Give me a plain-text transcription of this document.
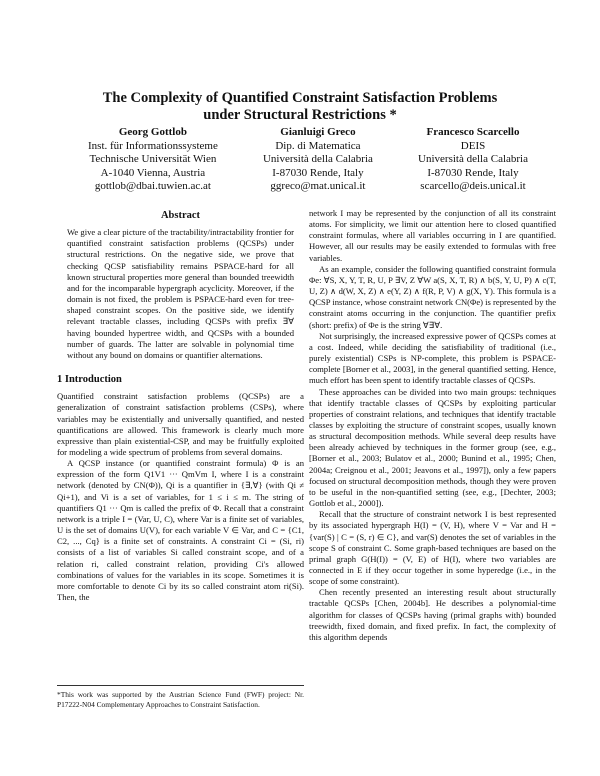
The Complexity of Quantified Constraint Satisfaction Problems
under Structural Restrictions *
Georg Gottlob
Inst. für Informationssysteme
Technische Universität Wien
A-1040 Vienna, Austria
gottlob@dbai.tuwien.ac.at
Gianluigi Greco
Dip. di Matematica
Università della Calabria
I-87030 Rende, Italy
ggreco@mat.unical.it
Francesco Scarcello
DEIS
Università della Calabria
I-87030 Rende, Italy
scarcello@deis.unical.it
Abstract

We give a clear picture of the tractability/intractability frontier for quantified constraint satisfaction problems (QCSPs) under structural restrictions. On the negative side, we prove that checking QCSP satisfiability remains PSPACE-hard for all known structural properties more general than bounded treewidth and for the incomparable hypergraph acyclicity. Moreover, if the domain is not fixed, the problem is PSPACE-hard even for tree-shaped constraint scopes. On the positive side, we identify relevant tractable classes, including QCSPs with prefix ∃∀ having bounded hypertree width, and QCSPs with a bounded number of guards. The latter are solvable in polynomial time without any bound on domains or quantifier alternations.

1 Introduction

Quantified constraint satisfaction problems (QCSPs) are a generalization of constraint satisfaction problems (CSPs), where variables may be existentially and universally quantified, and nested quantifications are allowed. This framework is clearly much more expressive than plain existential-CSP, and may be fruitfully exploited for modeling a wide spectrum of problems from several domains.

A QCSP instance (or quantified constraint formula) Φ is an expression of the form Q1V1 ··· QmVm I, where I is a constraint network (denoted by CN(Φ)), Qi is a quantifier in {∃,∀} (with Qi ≠ Qi+1), and Vi is a set of variables, for 1 ≤ i ≤ m. The string of quantifiers Q1 ··· Qm is called the prefix of Φ. Recall that a constraint network is a triple I = (Var, U, C), where Var is a finite set of variables, U is the set of domains U(V), for each variable V ∈ Var, and C = {C1, C2, ..., Cq} is a finite set of constraints. A constraint Ci = (Si, ri) consists of a list of variables Si called constraint scope, and of a relation ri, called constraint relation, providing Ci's allowed combinations of values for the variables in its scope. Sometimes it is more comfortable to denote Ci by its so called constraint atom ri(Si). Then, the

*This work was supported by the Austrian Science Fund (FWF) project: Nr. P17222-N04 Complementary Approaches to Constraint Satisfaction.

network I may be represented by the conjunction of all its constraint atoms. For simplicity, we limit our attention here to closed quantified constraint formulas, where all variables occurring in I are quantified. However, all our results may be easily extended to formulas with free variables.

As an example, consider the following quantified constraint formula Φe: ∀S, X, Y, T, R, U, P ∃V, Z ∀W a(S, X, T, R) ∧ b(S, Y, U, P) ∧ c(T, U, Z) ∧ d(W, X, Z) ∧ e(Y, Z) ∧ f(R, P, V) ∧ g(X, Y). This formula is a QCSP instance, whose constraint network CN(Φe) is represented by the constraint atoms occurring in the conjunction. The quantifier prefix (short: prefix) of Φe is the string ∀∃∀.

Not surprisingly, the increased expressive power of QCSPs comes at a cost. Indeed, while deciding the satisfiability of traditional (i.e., purely existential) CSPs is NP-complete, this problem is PSPACE-complete [Borner et al., 2003], in the general quantified setting. Hence, much effort has been spent to identify tractable classes of QCSPs.

These approaches can be divided into two main groups: techniques that identify tractable classes of QCSPs by exploiting particular properties of constraint relations, and techniques that identify tractable classes by exploiting the structure of constraint scopes, usually known as structural decomposition methods. While several deep results have been already achieved by techniques in the former group (see, e.g., [Borner et al., 2003; Bulatov et al., 2000; Bunind et al., 1995; Chen, 2004a; Creignou et al., 2001; Jeavons et al., 1997]), only a few papers focused on structural decomposition methods, though they were proven to be useful in the non-quantified setting (see, e.g., [Dechter, 2003; Gottlob et al., 2000]).

Recall that the structure of constraint network I is best represented by its associated hypergraph H(I) = (V, H), where V = Var and H = {var(S) | C = (S, r) ∈ C}, and var(S) denotes the set of variables in the scope S of constraint C. Some graph-based techniques are based on the primal graph G(H(I)) = (V, E) of H(I), where two variables are connected in E if they occur together in some hyperedge (i.e., in the scope of some constraint).

Chen recently presented an interesting result about structurally tractable QCSPs [Chen, 2004b]. He describes a polynomial-time algorithm for classes of QCSPs having (primal graphs with) bounded treewidth, fixed domain, and fixed prefix. In fact, the complexity of this algorithm depends
